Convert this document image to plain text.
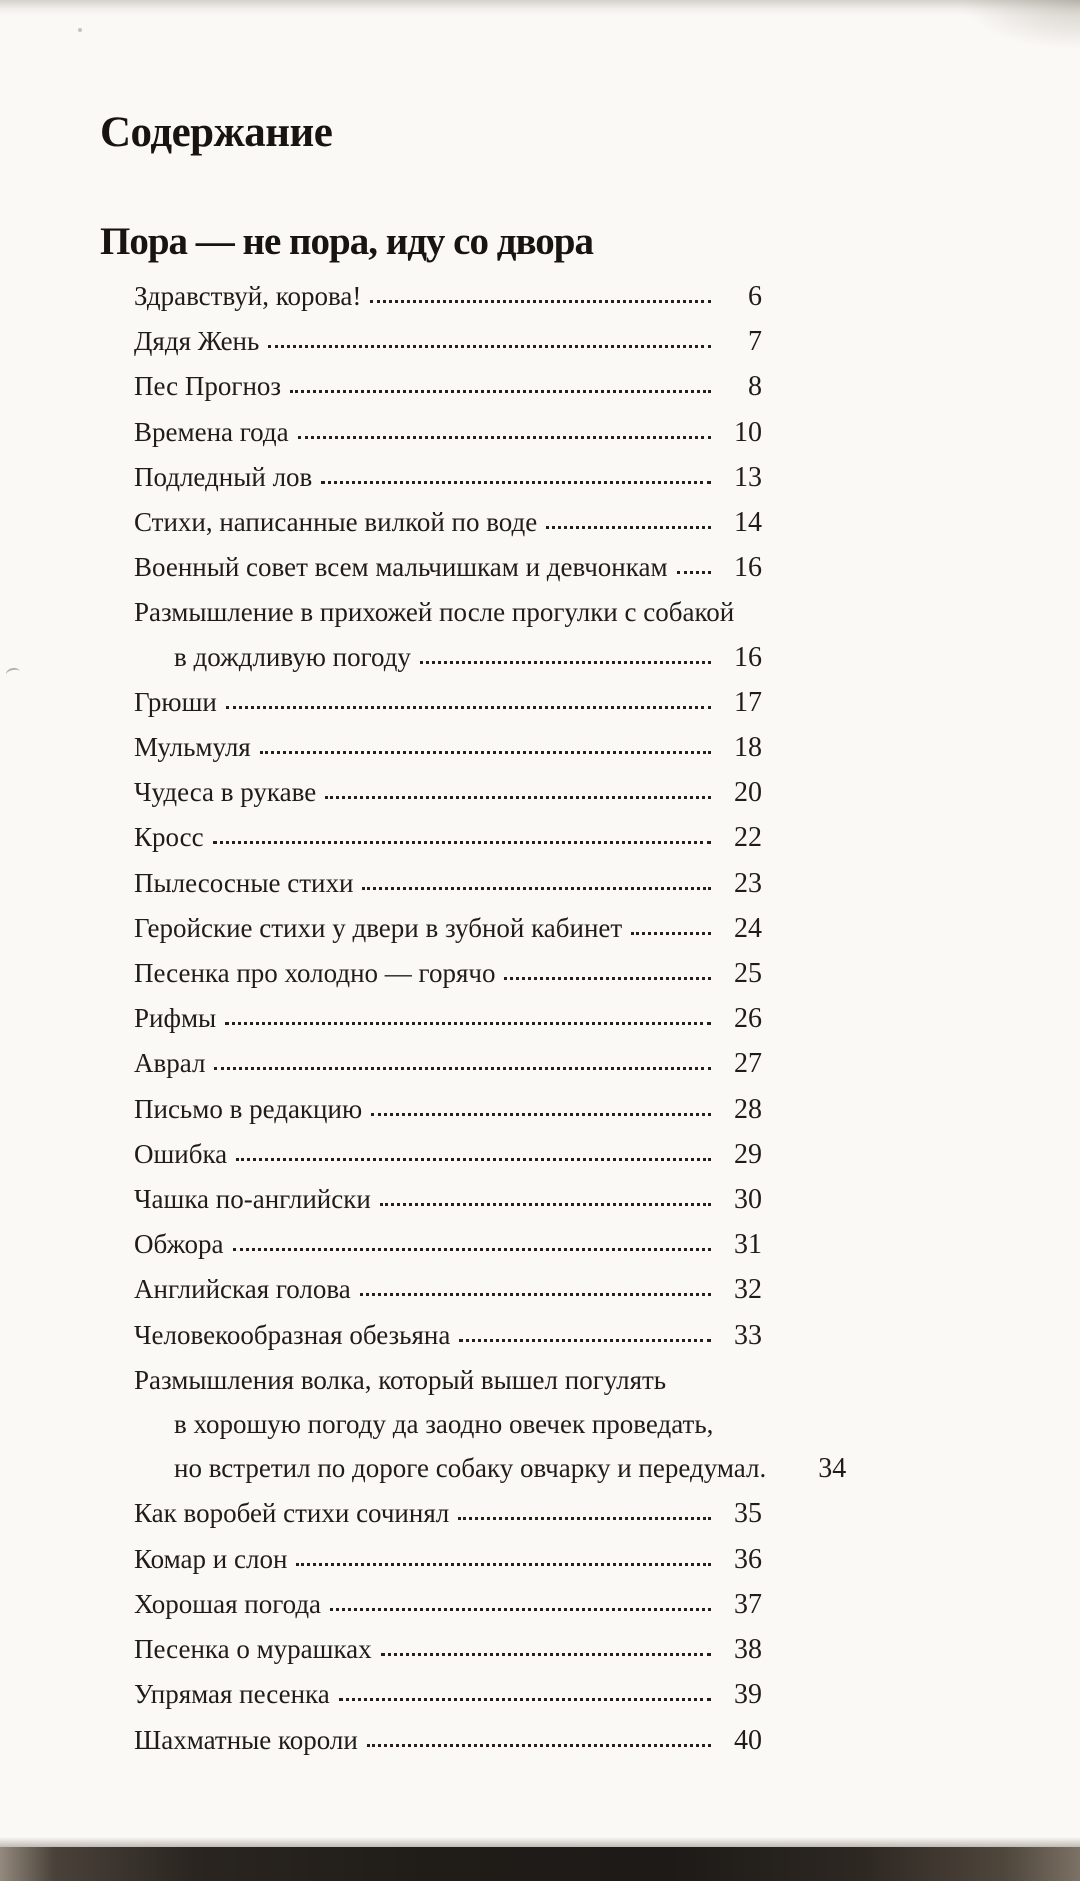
Содержание
Пора — не пора, иду со двора
Здравствуй, корова!	6
Дядя Жень	7
Пес Прогноз	8
Времена года	10
Подледный лов	13
Стихи, написанные вилкой по воде	14
Военный совет всем мальчишкам и девчонкам	16
Размышление в прихожей после прогулки с собакой
в дождливую погоду	16
Грюши	17
Мульмуля	18
Чудеса в рукаве	20
Кросс	22
Пылесосные стихи	23
Геройские стихи у двери в зубной кабинет	24
Песенка про холодно — горячо	25
Рифмы	26
Аврал	27
Письмо в редакцию	28
Ошибка	29
Чашка по-английски	30
Обжора	31
Английская голова	32
Человекообразная обезьяна	33
Размышления волка, который вышел погулять
в хорошую погоду да заодно овечек проведать,
но встретил по дороге собаку овчарку и передумал.	34
Как воробей стихи сочинял	35
Комар и слон	36
Хорошая погода	37
Песенка о мурашках	38
Упрямая песенка	39
Шахматные короли	40
